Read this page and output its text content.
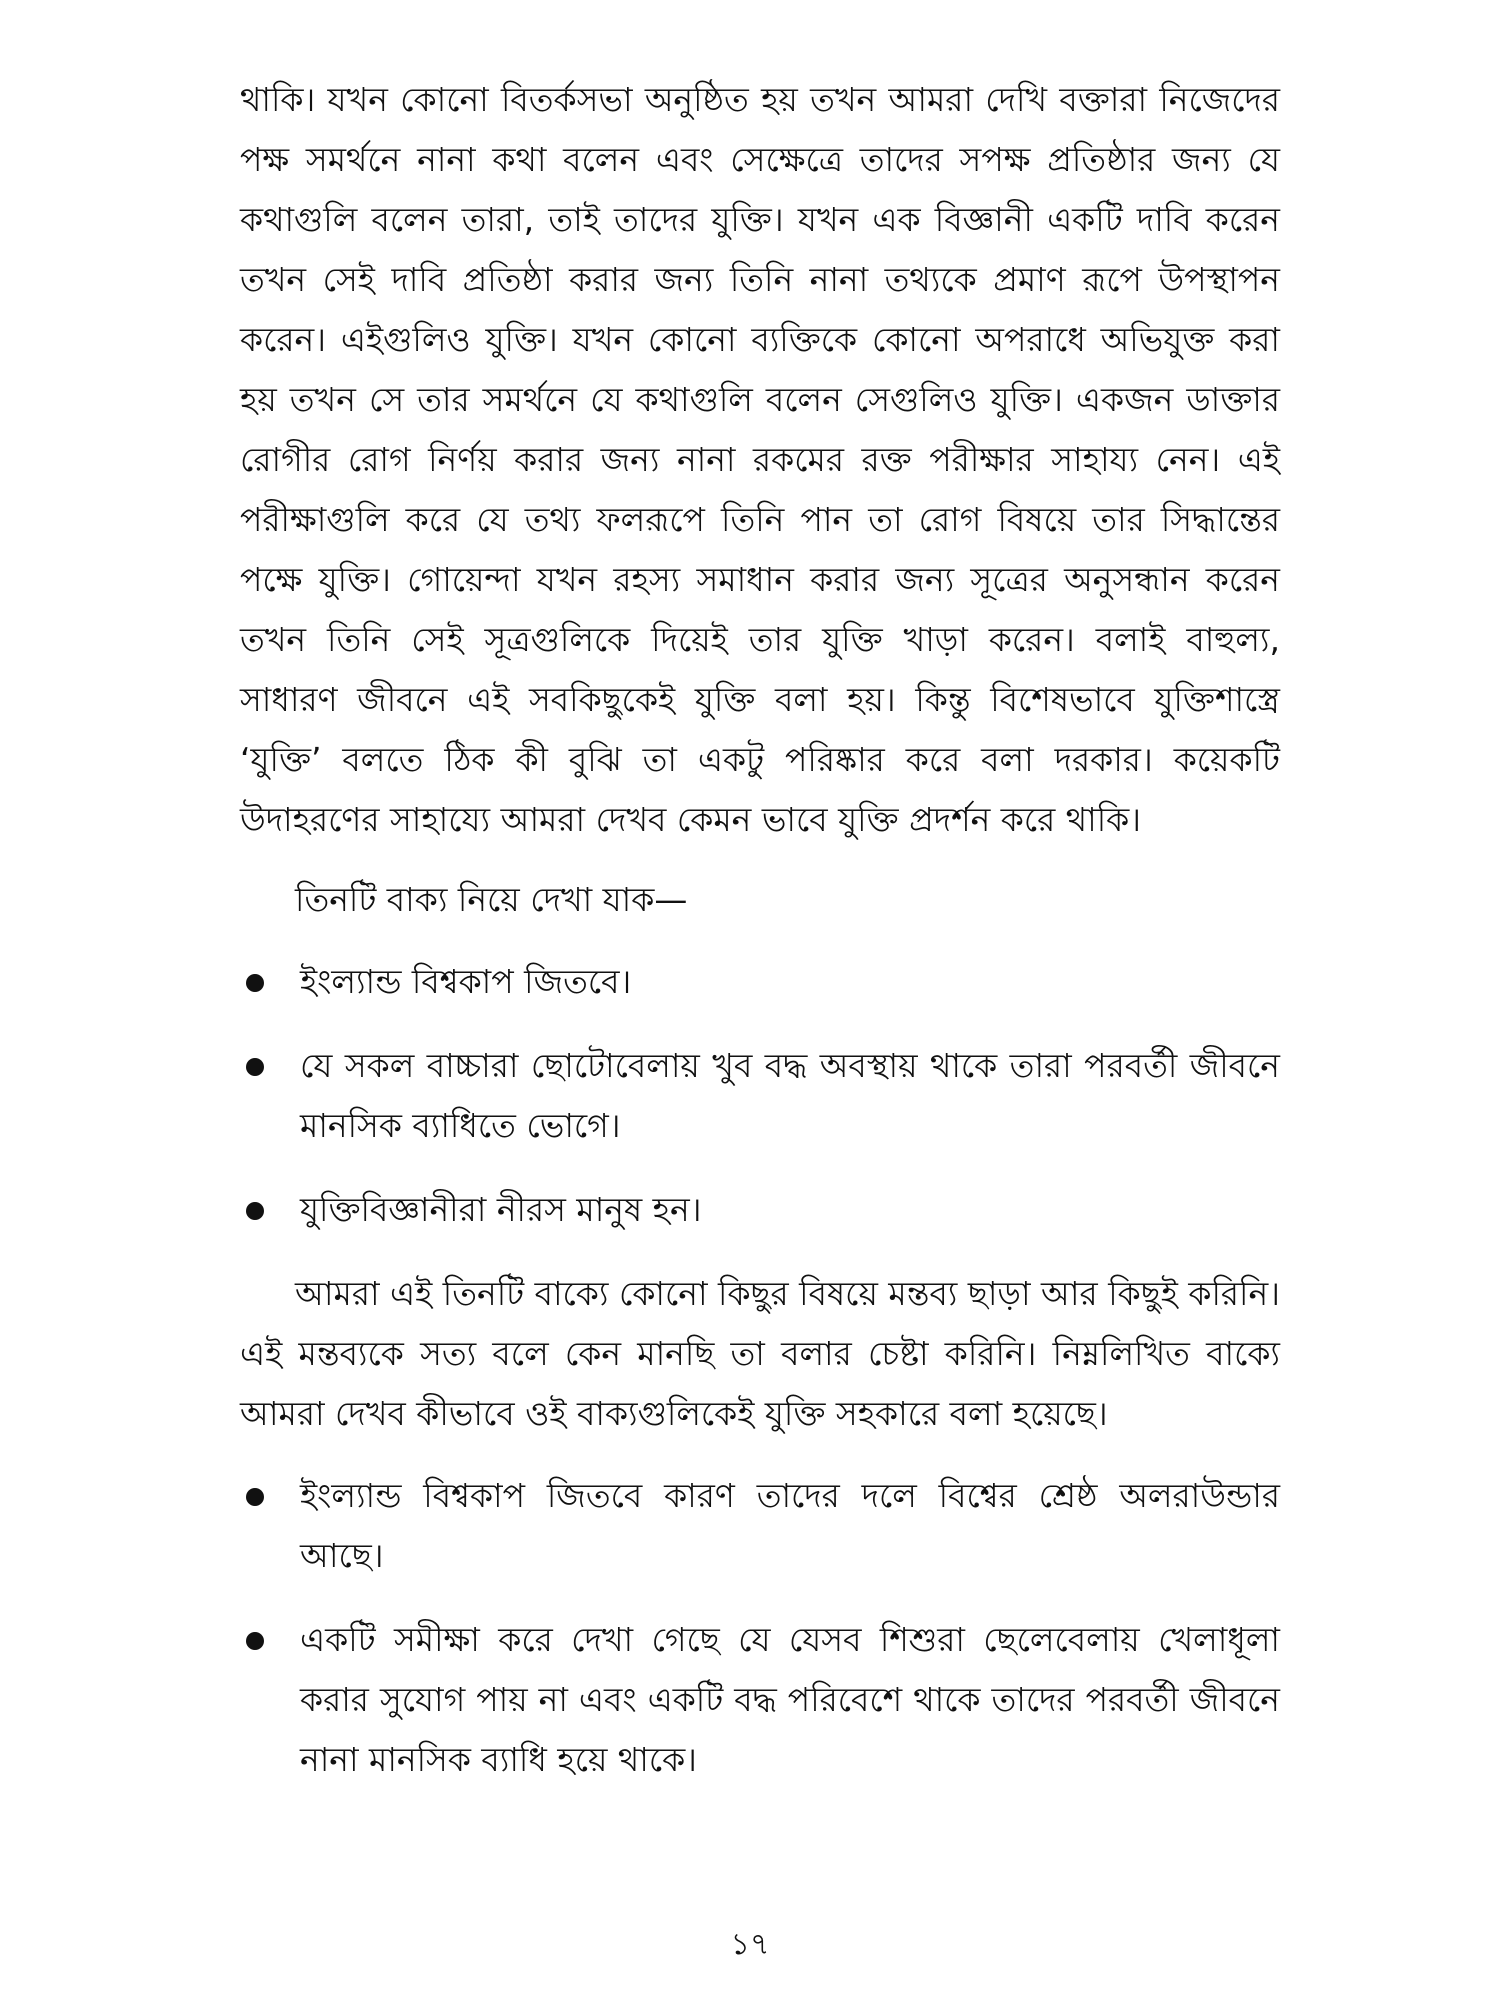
থাকি। যখন কোনো বিতর্কসভা অনুষ্ঠিত হয় তখন আমরা দেখি বক্তারা নিজেদের পক্ষ সমর্থনে নানা কথা বলেন এবং সেক্ষেত্রে তাদের সপক্ষ প্রতিষ্ঠার জন্য যে কথাগুলি বলেন তারা, তাই তাদের যুক্তি। যখন এক বিজ্ঞানী একটি দাবি করেন তখন সেই দাবি প্রতিষ্ঠা করার জন্য তিনি নানা তথ্যকে প্রমাণ রূপে উপস্থাপন করেন। এইগুলিও যুক্তি। যখন কোনো ব্যক্তিকে কোনো অপরাধে অভিযুক্ত করা হয় তখন সে তার সমর্থনে যে কথাগুলি বলেন সেগুলিও যুক্তি। একজন ডাক্তার রোগীর রোগ নির্ণয় করার জন্য নানা রকমের রক্ত পরীক্ষার সাহায্য নেন। এই পরীক্ষাগুলি করে যে তথ্য ফলরূপে তিনি পান তা রোগ বিষয়ে তার সিদ্ধান্তের পক্ষে যুক্তি। গোয়েন্দা যখন রহস্য সমাধান করার জন্য সূত্রের অনুসন্ধান করেন তখন তিনি সেই সূত্রগুলিকে দিয়েই তার যুক্তি খাড়া করেন। বলাই বাহুল্য, সাধারণ জীবনে এই সবকিছুকেই যুক্তি বলা হয়। কিন্তু বিশেষভাবে যুক্তিশাস্ত্রে ‘যুক্তি’ বলতে ঠিক কী বুঝি তা একটু পরিষ্কার করে বলা দরকার। কয়েকটি উদাহরণের সাহায্যে আমরা দেখব কেমন ভাবে যুক্তি প্রদর্শন করে থাকি।

তিনটি বাক্য নিয়ে দেখা যাক—

ইংল্যান্ড বিশ্বকাপ জিতবে।
যে সকল বাচ্চারা ছোটোবেলায় খুব বদ্ধ অবস্থায় থাকে তারা পরবর্তী জীবনে মানসিক ব্যাধিতে ভোগে।
যুক্তিবিজ্ঞানীরা নীরস মানুষ হন।

আমরা এই তিনটি বাক্যে কোনো কিছুর বিষয়ে মন্তব্য ছাড়া আর কিছুই করিনি। এই মন্তব্যকে সত্য বলে কেন মানছি তা বলার চেষ্টা করিনি। নিম্নলিখিত বাক্যে আমরা দেখব কীভাবে ওই বাক্যগুলিকেই যুক্তি সহকারে বলা হয়েছে।

ইংল্যান্ড বিশ্বকাপ জিতবে কারণ তাদের দলে বিশ্বের শ্রেষ্ঠ অলরাউন্ডার আছে।
একটি সমীক্ষা করে দেখা গেছে যে যেসব শিশুরা ছেলেবেলায় খেলাধূলা করার সুযোগ পায় না এবং একটি বদ্ধ পরিবেশে থাকে তাদের পরবর্তী জীবনে নানা মানসিক ব্যাধি হয়ে থাকে।
১৭
